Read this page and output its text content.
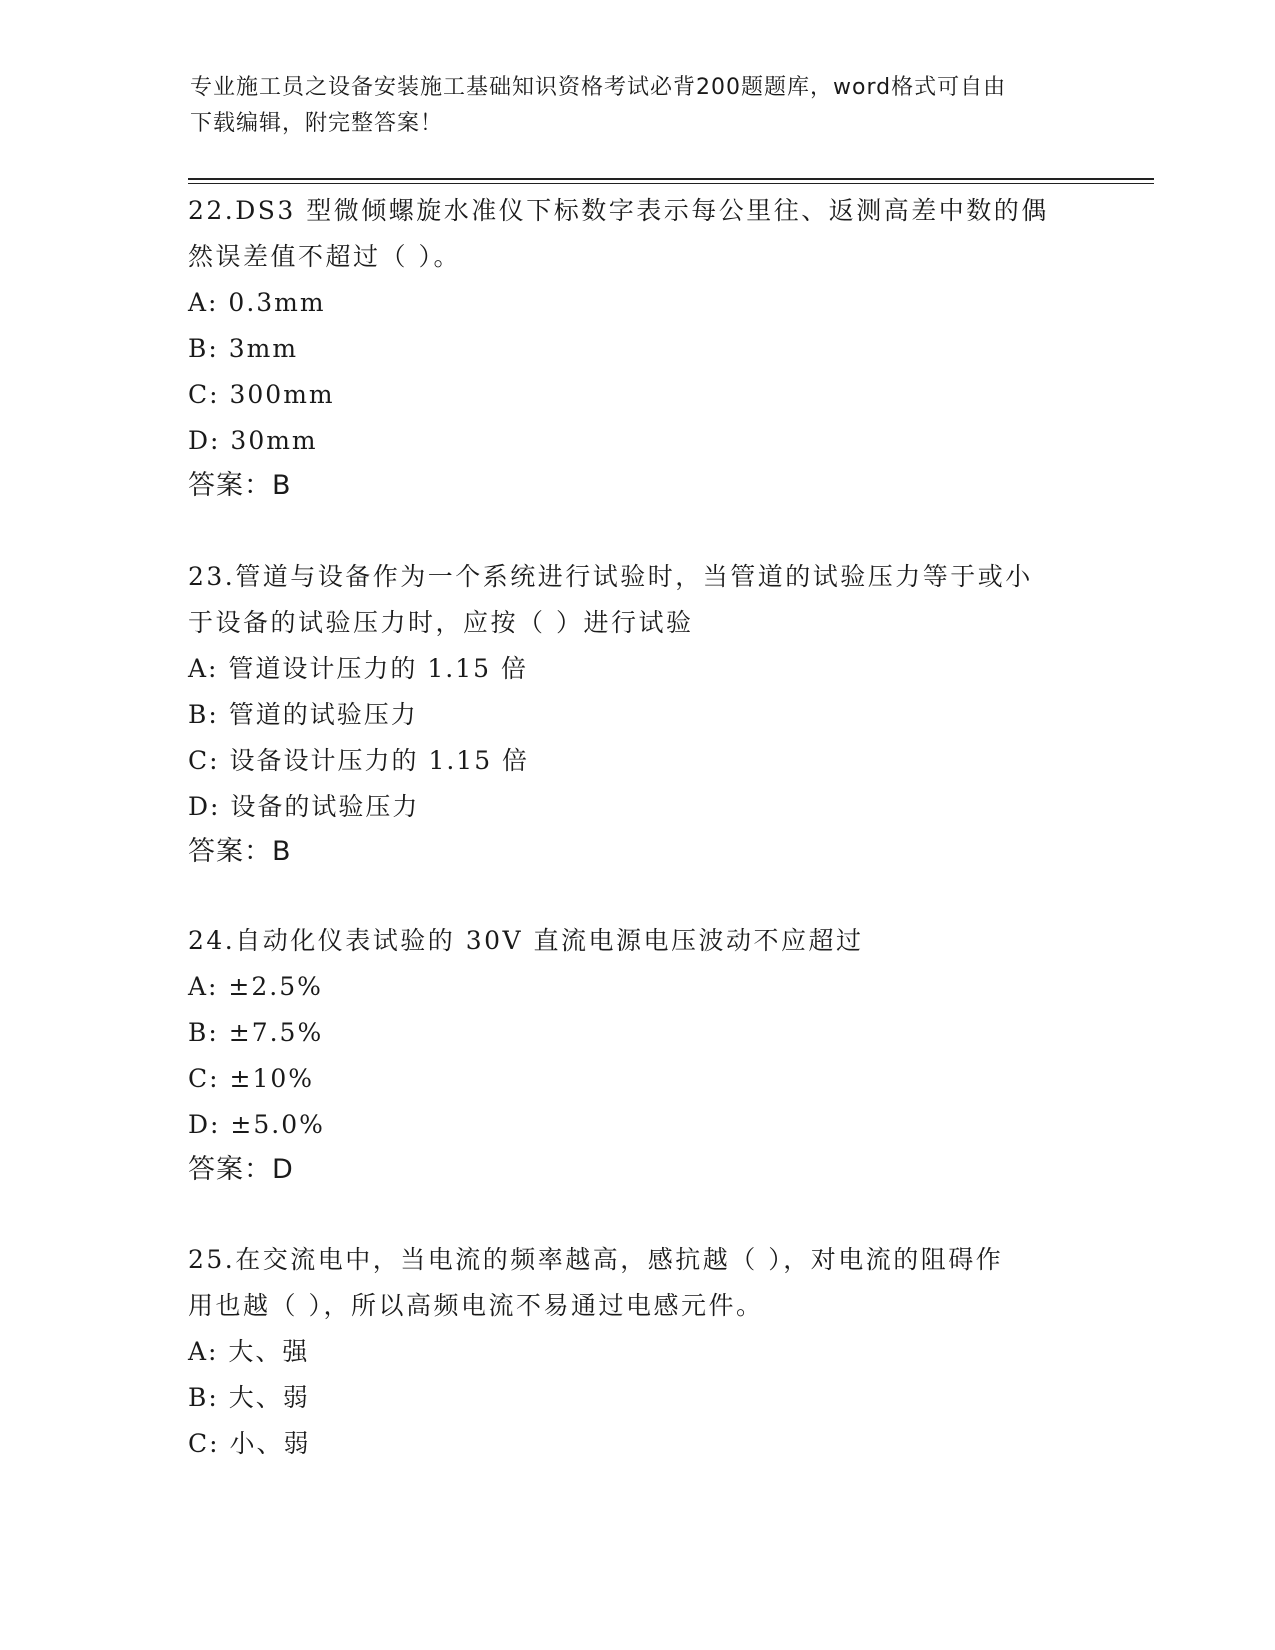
专业施工员之设备安装施工基础知识资格考试必背200题题库，word格式可自由
下载编辑，附完整答案！
22.DS3 型微倾螺旋水准仪下标数字表示每公里往、返测高差中数的偶
然误差值不超过（ ）。
A: 0.3mm
B: 3mm
C: 300mm
D: 30mm
答案：B
23.管道与设备作为一个系统进行试验时，当管道的试验压力等于或小
于设备的试验压力时，应按（ ）进行试验
A: 管道设计压力的 1.15 倍
B: 管道的试验压力
C: 设备设计压力的 1.15 倍
D: 设备的试验压力
答案：B
24.自动化仪表试验的 30V 直流电源电压波动不应超过
A: ±2.5%
B: ±7.5%
C: ±10%
D: ±5.0%
答案：D
25.在交流电中，当电流的频率越高，感抗越（ ），对电流的阻碍作
用也越（ ），所以高频电流不易通过电感元件。
A: 大、强
B: 大、弱
C: 小、弱
